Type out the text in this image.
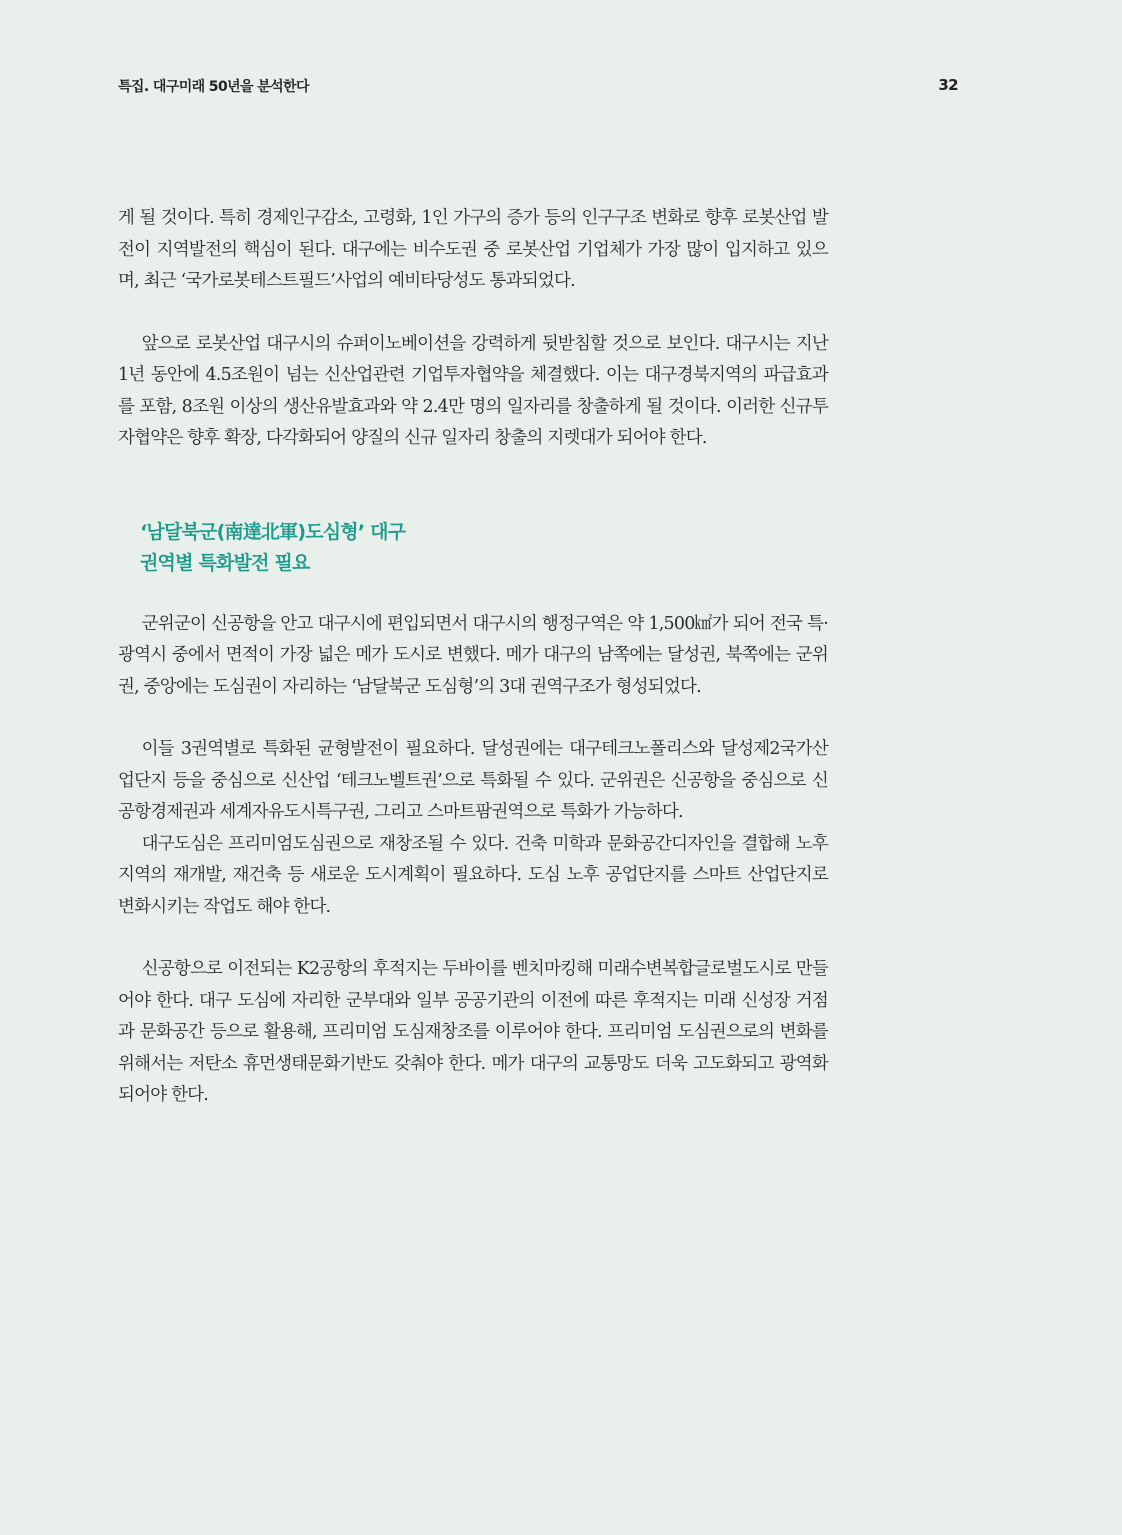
특집. 대구미래 50년을 분석한다	32

게 될 것이다. 특히 경제인구감소, 고령화, 1인 가구의 증가 등의 인구구조 변화로 향후 로봇산업 발전이 지역발전의 핵심이 된다. 대구에는 비수도권 중 로봇산업 기업체가 가장 많이 입지하고 있으며, 최근 ‘국가로봇테스트필드’사업의 예비타당성도 통과되었다.

앞으로 로봇산업 대구시의 슈퍼이노베이션을 강력하게 뒷받침할 것으로 보인다. 대구시는 지난 1년 동안에 4.5조원이 넘는 신산업관련 기업투자협약을 체결했다. 이는 대구경북지역의 파급효과를 포함, 8조원 이상의 생산유발효과와 약 2.4만 명의 일자리를 창출하게 될 것이다. 이러한 신규투자협약은 향후 확장, 다각화되어 양질의 신규 일자리 창출의 지렛대가 되어야 한다.

‘남달북군(南達北軍)도심형’ 대구
권역별 특화발전 필요

군위군이 신공항을 안고 대구시에 편입되면서 대구시의 행정구역은 약 1,500㎢가 되어 전국 특·광역시 중에서 면적이 가장 넓은 메가 도시로 변했다. 메가 대구의 남쪽에는 달성권, 북쪽에는 군위권, 중앙에는 도심권이 자리하는 ‘남달북군 도심형’의 3대 권역구조가 형성되었다.

이들 3권역별로 특화된 균형발전이 필요하다. 달성권에는 대구테크노폴리스와 달성제2국가산업단지 등을 중심으로 신산업 ‘테크노벨트권’으로 특화될 수 있다. 군위권은 신공항을 중심으로 신공항경제권과 세계자유도시특구권, 그리고 스마트팜권역으로 특화가 가능하다.

대구도심은 프리미엄도심권으로 재창조될 수 있다. 건축 미학과 문화공간디자인을 결합해 노후지역의 재개발, 재건축 등 새로운 도시계획이 필요하다. 도심 노후 공업단지를 스마트 산업단지로 변화시키는 작업도 해야 한다.

신공항으로 이전되는 K2공항의 후적지는 두바이를 벤치마킹해 미래수변복합글로벌도시로 만들어야 한다. 대구 도심에 자리한 군부대와 일부 공공기관의 이전에 따른 후적지는 미래 신성장 거점과 문화공간 등으로 활용해, 프리미엄 도심재창조를 이루어야 한다. 프리미엄 도심권으로의 변화를 위해서는 저탄소 휴먼생태문화기반도 갖춰야 한다. 메가 대구의 교통망도 더욱 고도화되고 광역화되어야 한다.
